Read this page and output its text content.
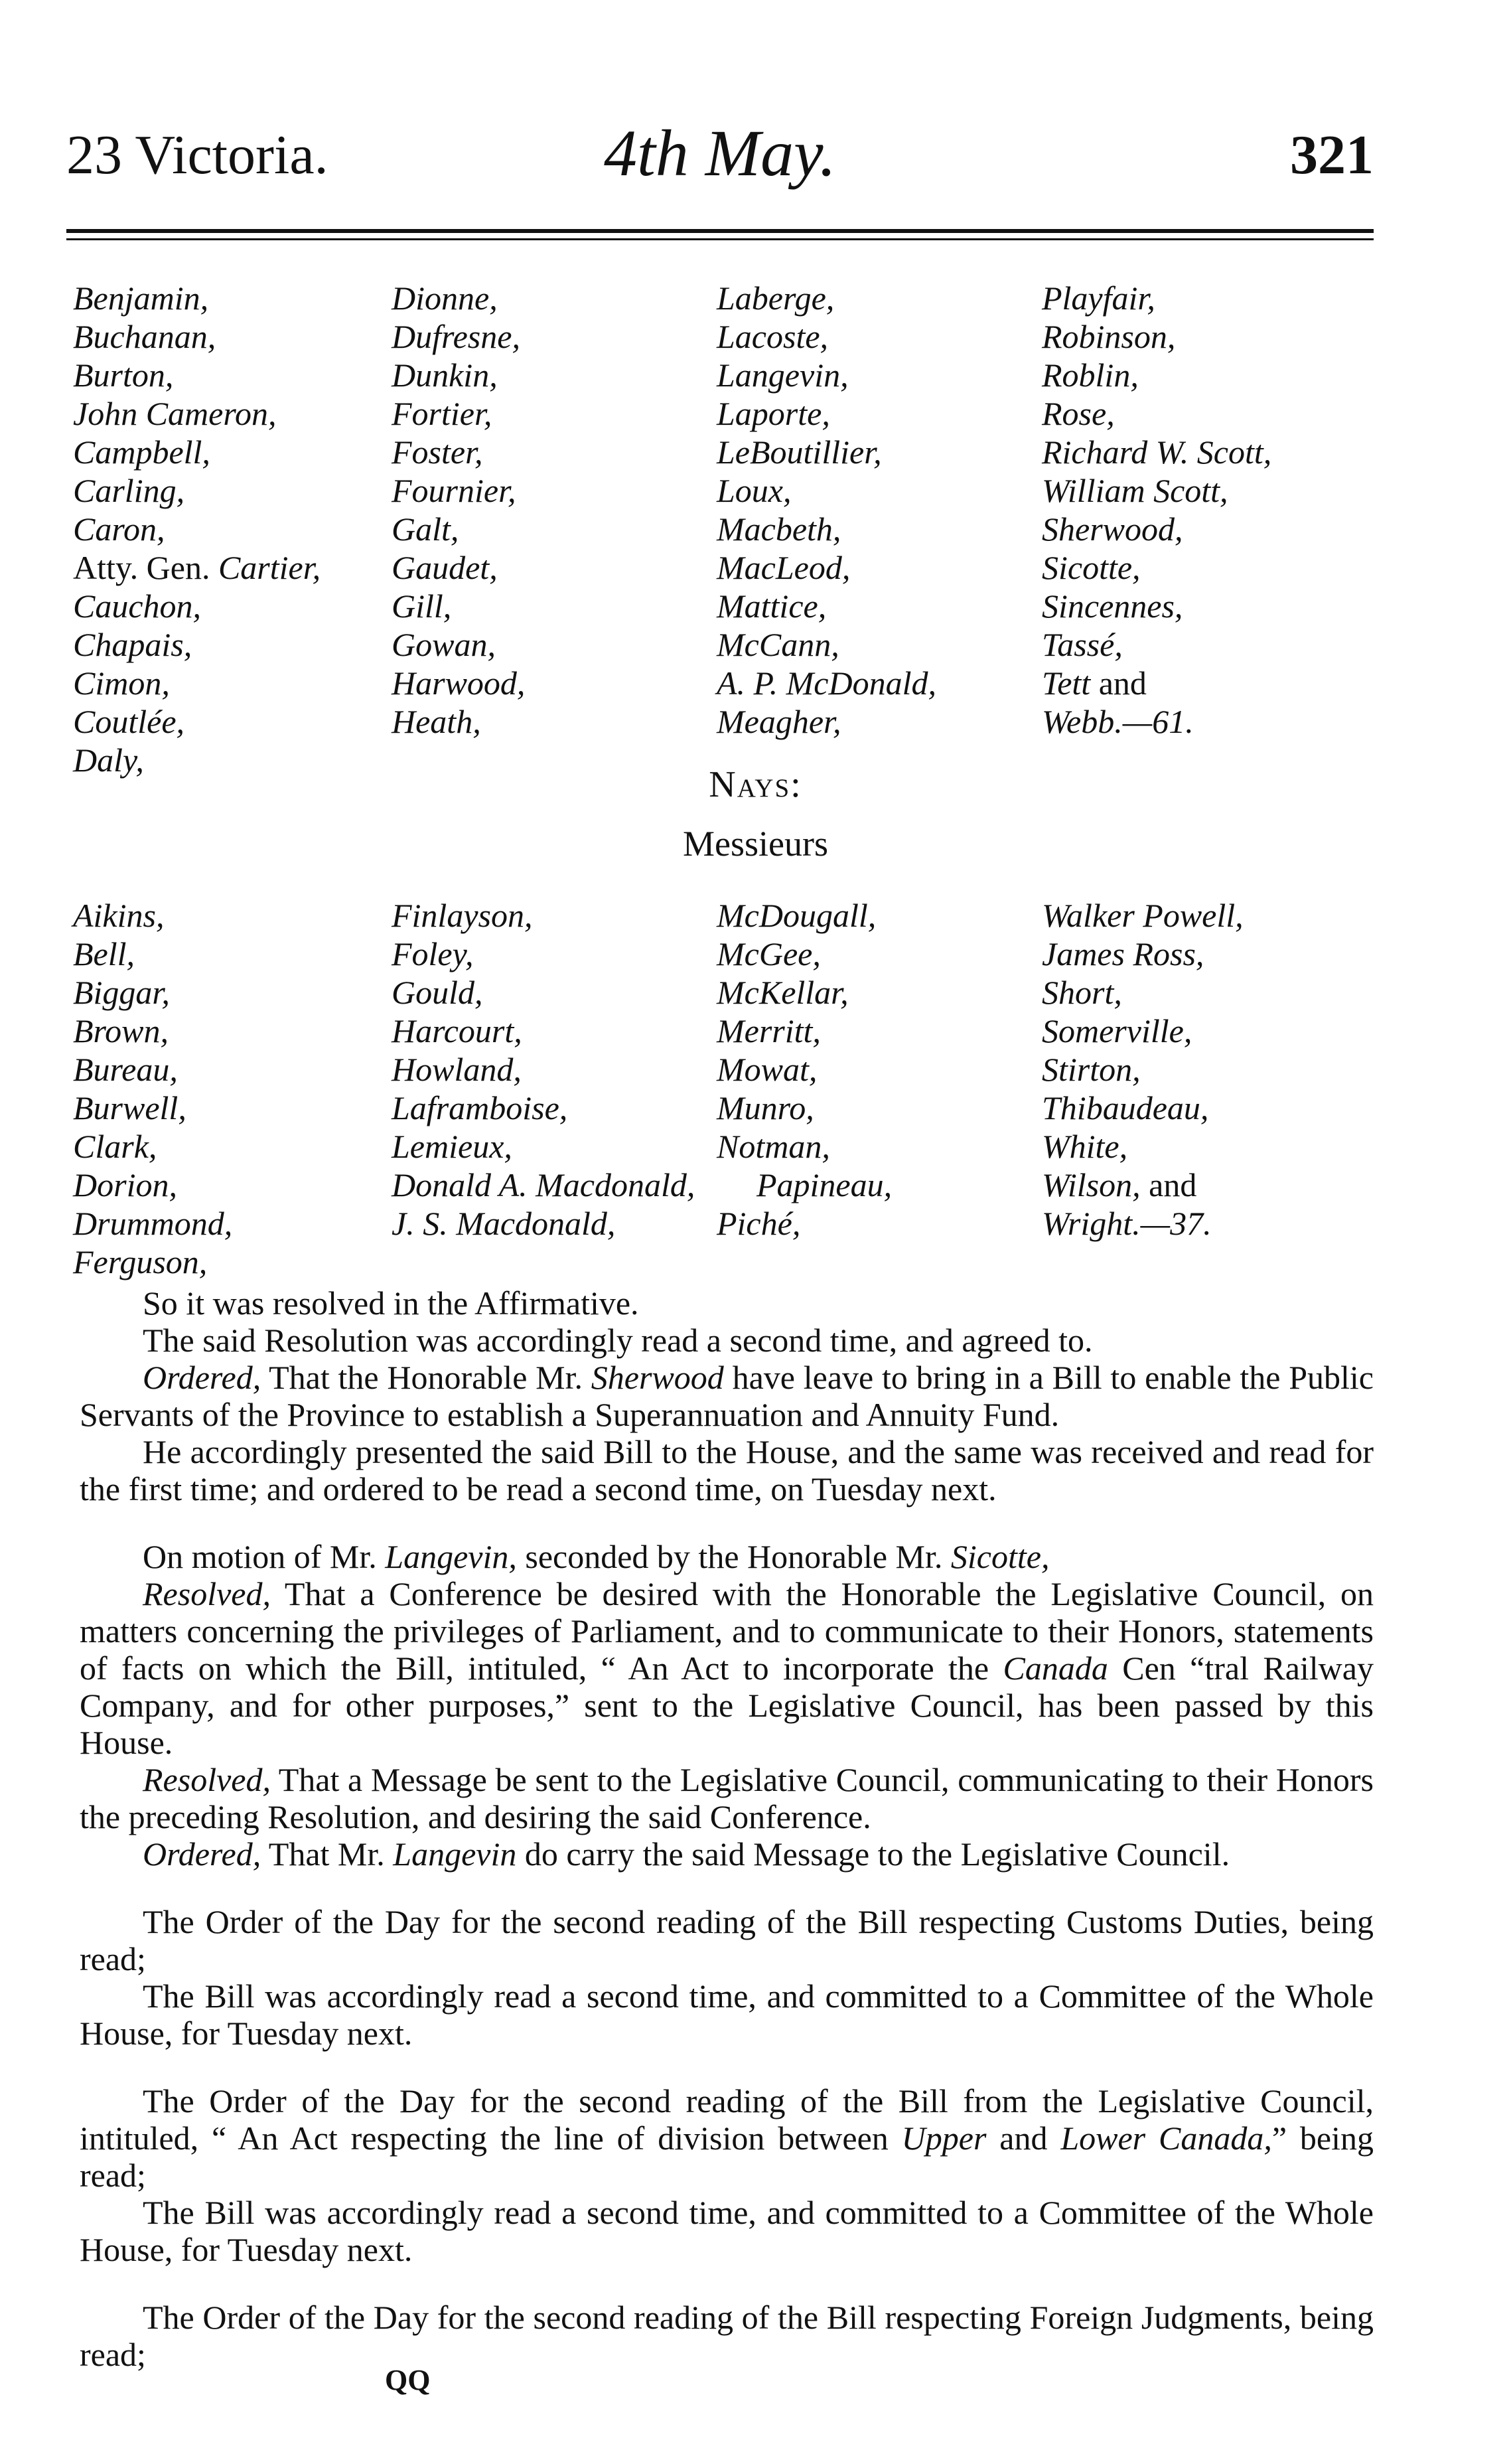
23 Victoria.	4th May.	321
Benjamin,
Buchanan,
Burton,
John Cameron,
Campbell,
Carling,
Caron,
Atty. Gen. Cartier,
Cauchon,
Chapais,
Cimon,
Coutlée,
Daly,
Dionne,
Dufresne,
Dunkin,
Fortier,
Foster,
Fournier,
Galt,
Gaudet,
Gill,
Gowan,
Harwood,
Heath,
Laberge,
Lacoste,
Langevin,
Laporte,
LeBoutillier,
Loux,
Macbeth,
MacLeod,
Mattice,
McCann,
A. P. McDonald,
Meagher,
Playfair,
Robinson,
Roblin,
Rose,
Richard W. Scott,
William Scott,
Sherwood,
Sicotte,
Sincennes,
Tassé,
Tett and
Webb.—61.
Nays:
Messieurs
Aikins,
Bell,
Biggar,
Brown,
Bureau,
Burwell,
Clark,
Dorion,
Drummond,
Ferguson,
Finlayson,
Foley,
Gould,
Harcourt,
Howland,
Laframboise,
Lemieux,
Donald A. Macdonald,
J. S. Macdonald,
McDougall,
McGee,
McKellar,
Merritt,
Mowat,
Munro,
Notman,
Papineau,
Piché,
Walker Powell,
James Ross,
Short,
Somerville,
Stirton,
Thibaudeau,
White,
Wilson, and
Wright.—37.

So it was resolved in the Affirmative.

The said Resolution was accordingly read a second time, and agreed to.

Ordered, That the Honorable Mr. Sherwood have leave to bring in a Bill to enable the Public Servants of the Province to establish a Superannuation and Annuity Fund.

He accordingly presented the said Bill to the House, and the same was received and read for the first time; and ordered to be read a second time, on Tuesday next.

On motion of Mr. Langevin, seconded by the Honorable Mr. Sicotte,

Resolved, That a Conference be desired with the Honorable the Legislative Council, on matters concerning the privileges of Parliament, and to communicate to their Honors, statements of facts on which the Bill, intituled, “ An Act to incorporate the Canada Cen “tral Railway Company, and for other purposes,” sent to the Legislative Council, has been passed by this House.

Resolved, That a Message be sent to the Legislative Council, communicating to their Honors the preceding Resolution, and desiring the said Conference.

Ordered, That Mr. Langevin do carry the said Message to the Legislative Council.

The Order of the Day for the second reading of the Bill respecting Customs Duties, being read;

The Bill was accordingly read a second time, and committed to a Committee of the Whole House, for Tuesday next.

The Order of the Day for the second reading of the Bill from the Legislative Council, intituled, “ An Act respecting the line of division between Upper and Lower Canada,” being read;

The Bill was accordingly read a second time, and committed to a Committee of the Whole House, for Tuesday next.

The Order of the Day for the second reading of the Bill respecting Foreign Judgments, being read;

QQ
